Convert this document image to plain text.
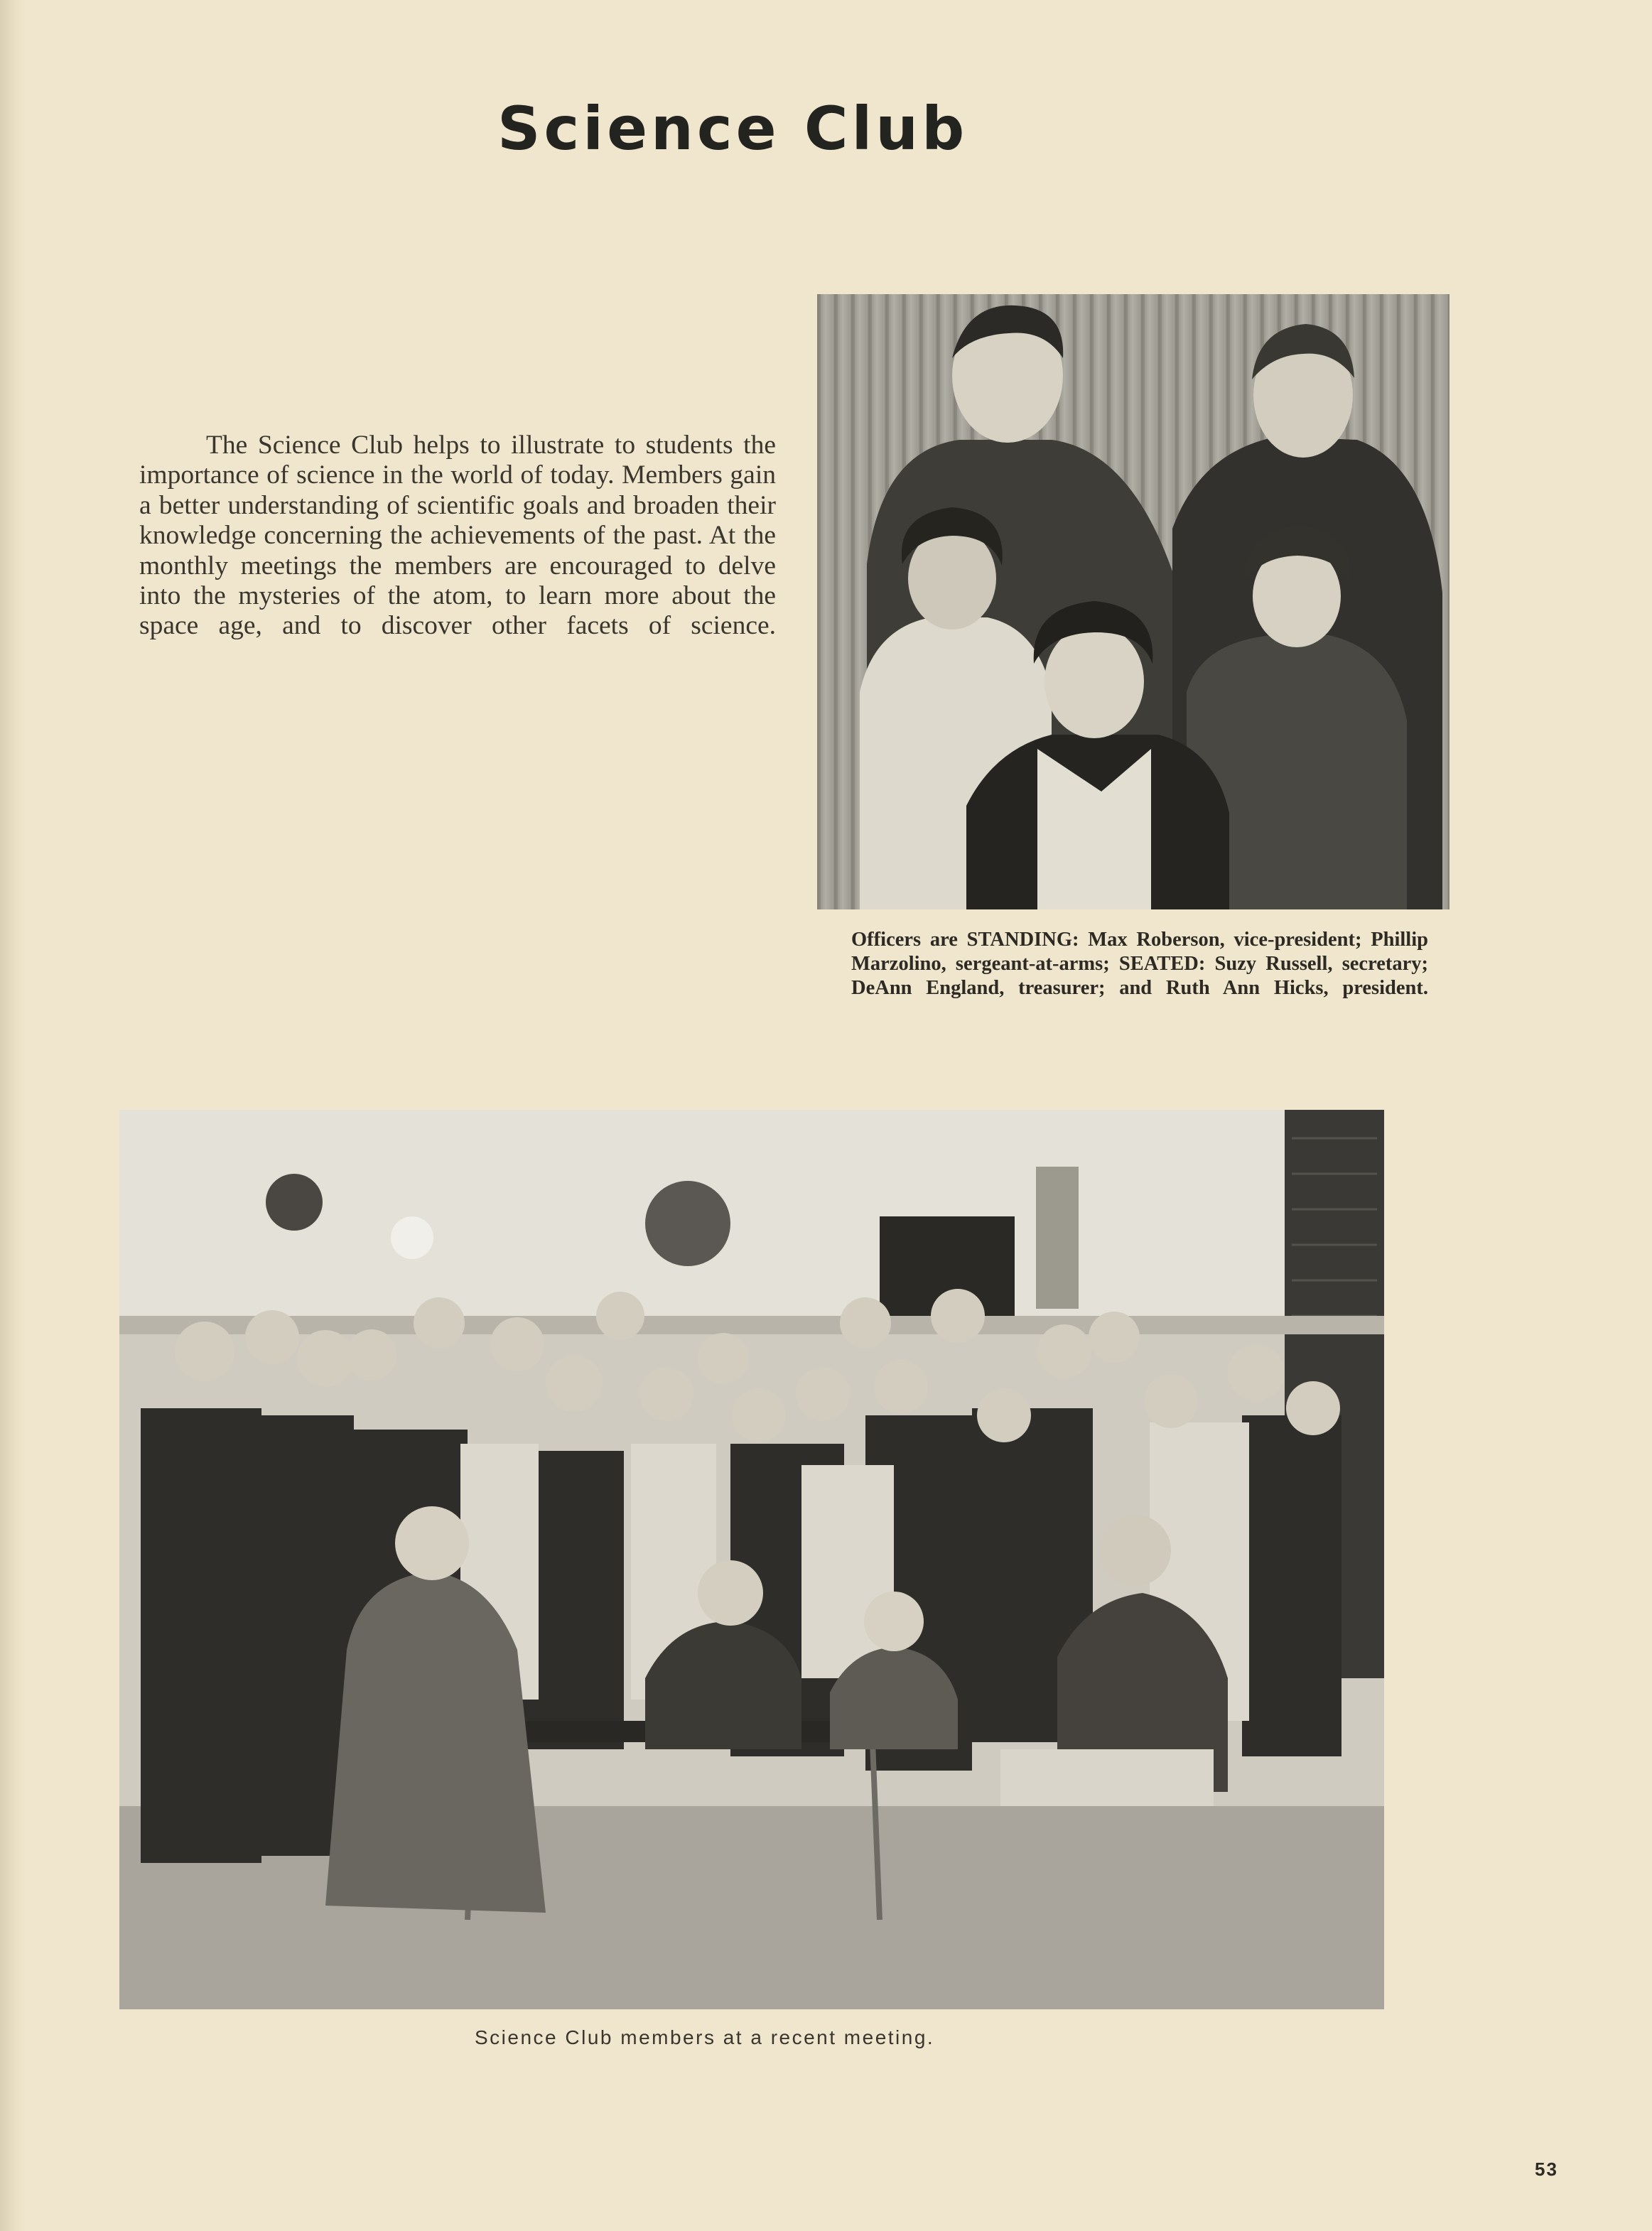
Science Club

The Science Club helps to illustrate to students the importance of science in the world of today. Members gain a better understanding of scientific goals and broaden their knowledge concerning the achievements of the past. At the monthly meetings the members are encouraged to delve into the mysteries of the atom, to learn more about the space age, and to discover other facets of science.

Officers are STANDING: Max Roberson, vice-president; Phillip Marzolino, sergeant-at-arms; SEATED: Suzy Russell, secretary; DeAnn England, treasurer; and Ruth Ann Hicks, president.

Science Club members at a recent meeting.
53
